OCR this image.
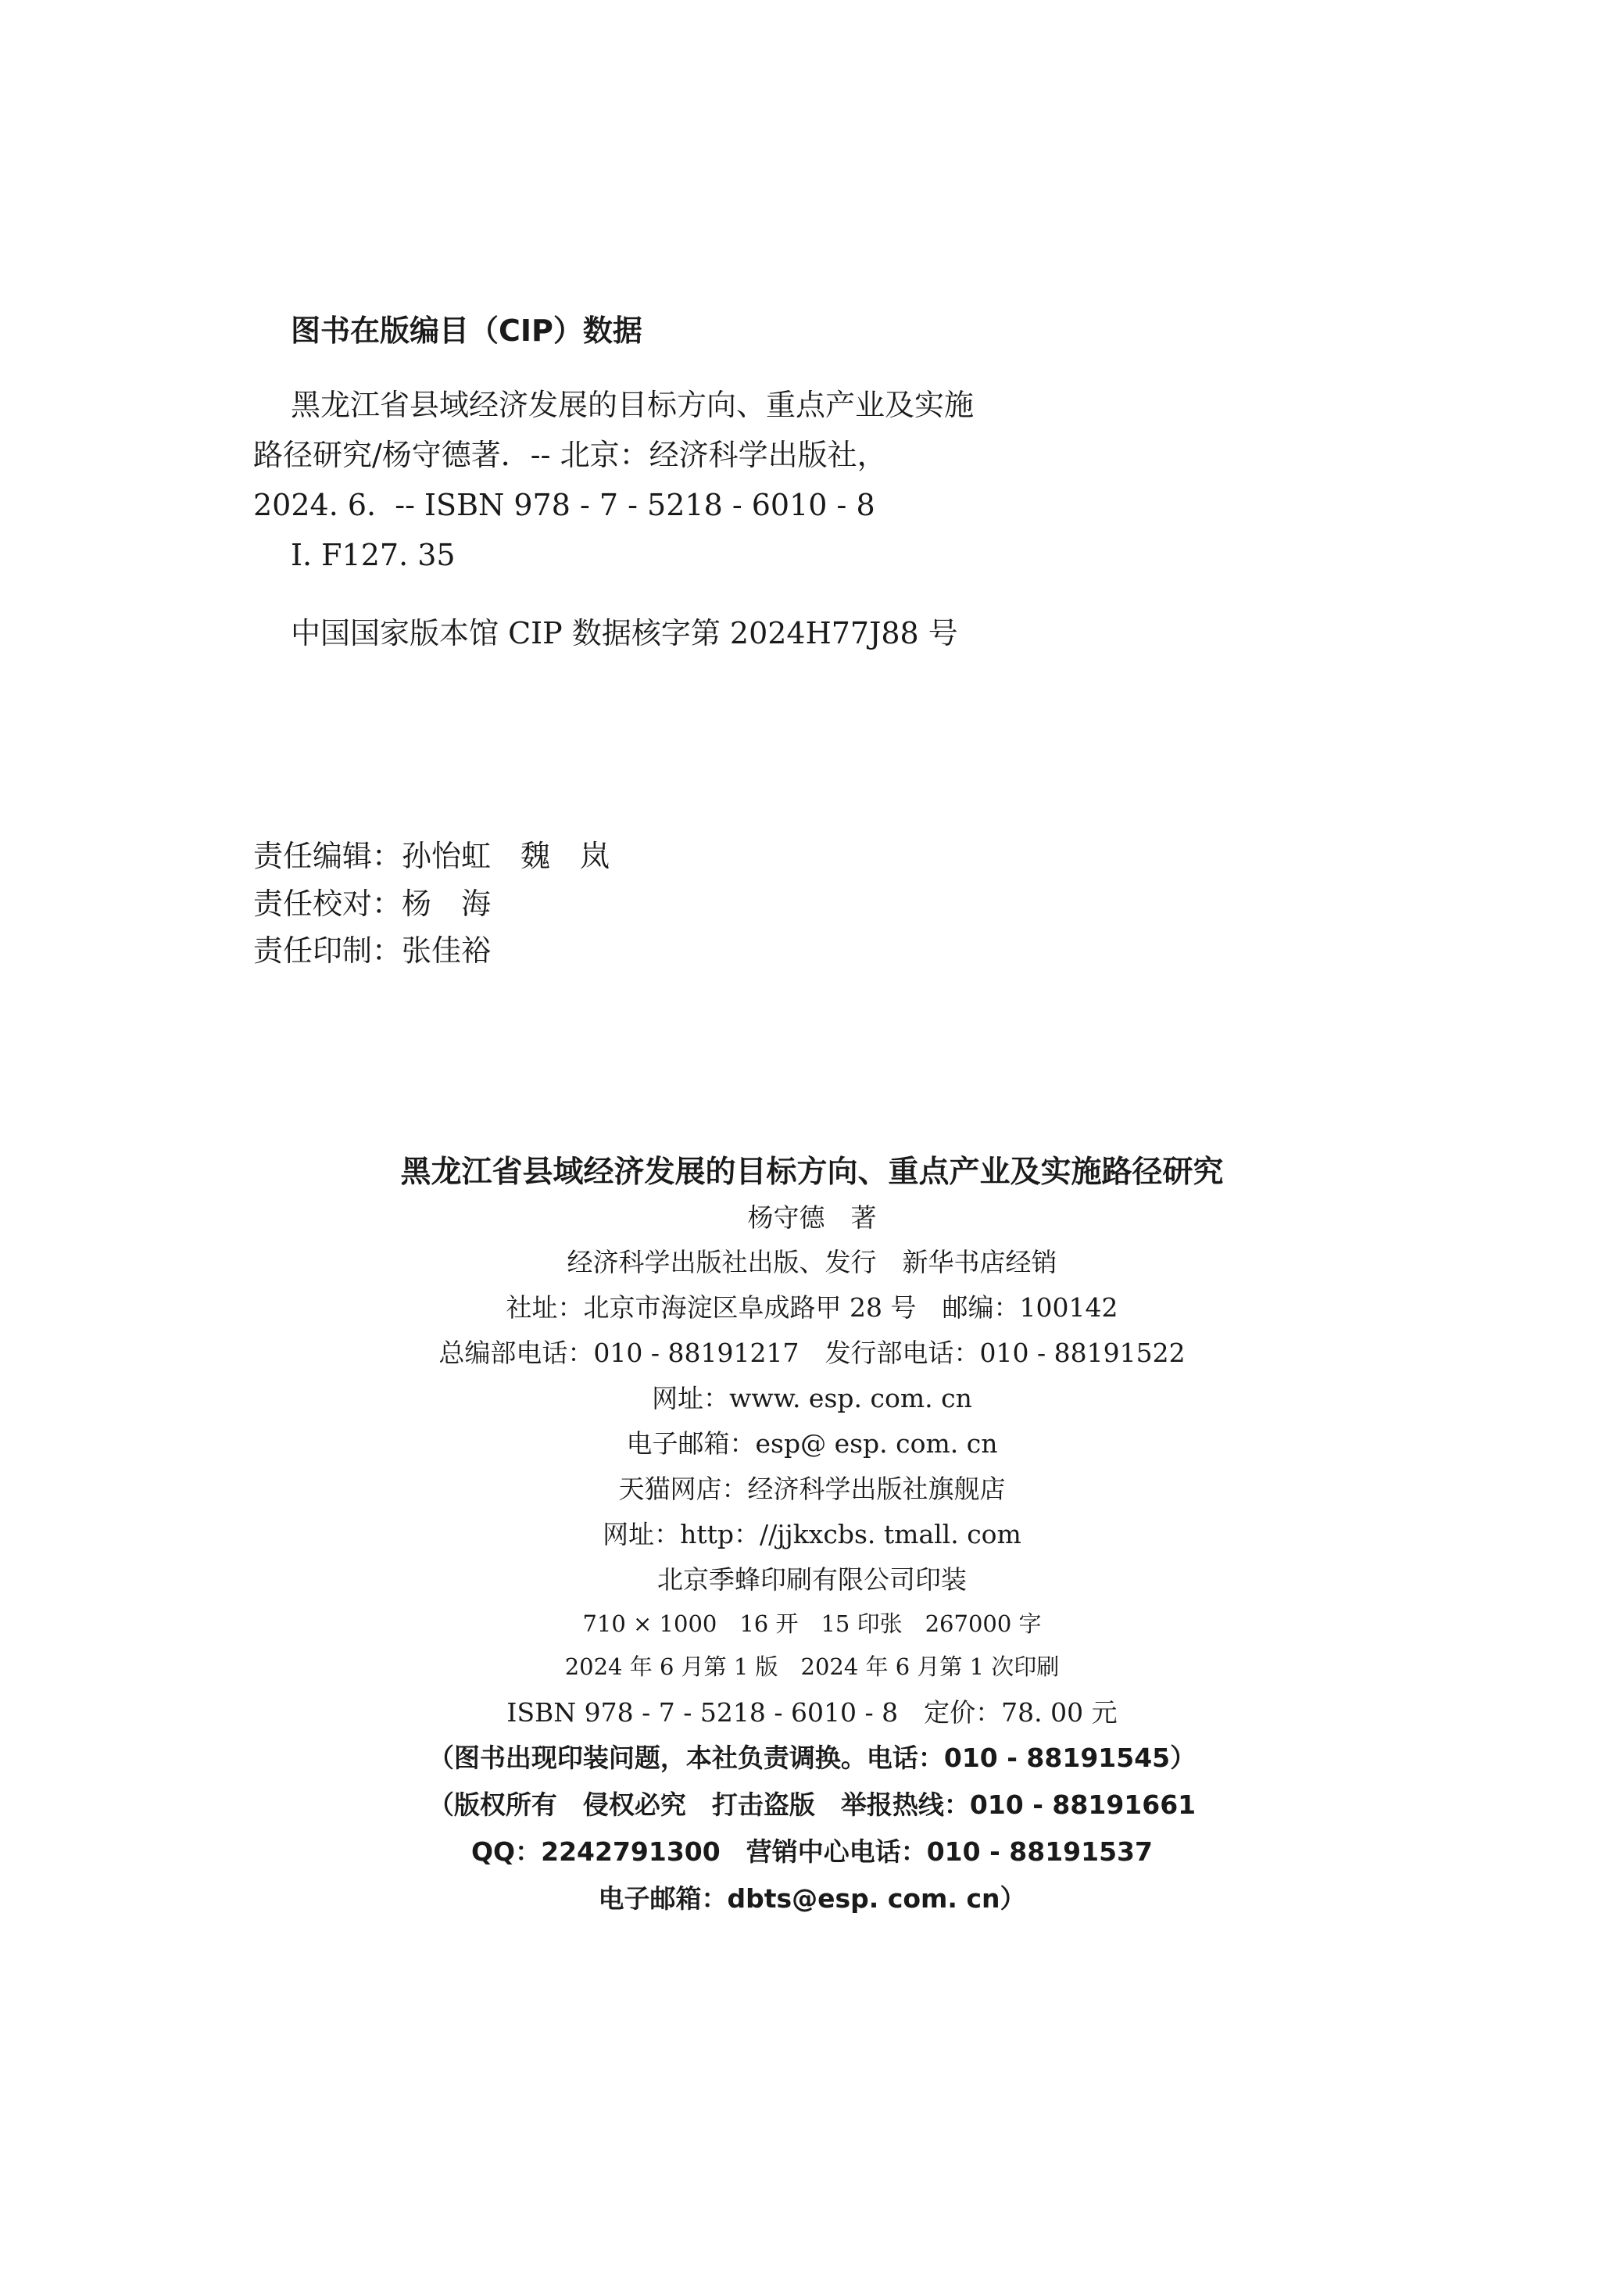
图书在版编目（CIP）数据
黑龙江省县域经济发展的目标方向、重点产业及实施
路径研究/杨守德著．-- 北京：经济科学出版社，
2024. 6.  -- ISBN 978 - 7 - 5218 - 6010 - 8
Ⅰ. F127. 35
中国国家版本馆 CIP 数据核字第 2024H77J88 号
责任编辑：孙怡虹　魏　岚
责任校对：杨　海
责任印制：张佳裕
黑龙江省县域经济发展的目标方向、重点产业及实施路径研究
杨守德　著
经济科学出版社出版、发行　新华书店经销
社址：北京市海淀区阜成路甲 28 号　邮编：100142
总编部电话：010 - 88191217　发行部电话：010 - 88191522
网址：www. esp. com. cn
电子邮箱：esp@ esp. com. cn
天猫网店：经济科学出版社旗舰店
网址：http：//jjkxcbs. tmall. com
北京季蜂印刷有限公司印装
710 × 1000　16 开　15 印张　267000 字
2024 年 6 月第 1 版　2024 年 6 月第 1 次印刷
ISBN 978 - 7 - 5218 - 6010 - 8　定价：78. 00 元
（图书出现印装问题，本社负责调换。电话：010 - 88191545）
（版权所有　侵权必究　打击盗版　举报热线：010 - 88191661
QQ：2242791300　营销中心电话：010 - 88191537
电子邮箱：dbts@esp. com. cn）
